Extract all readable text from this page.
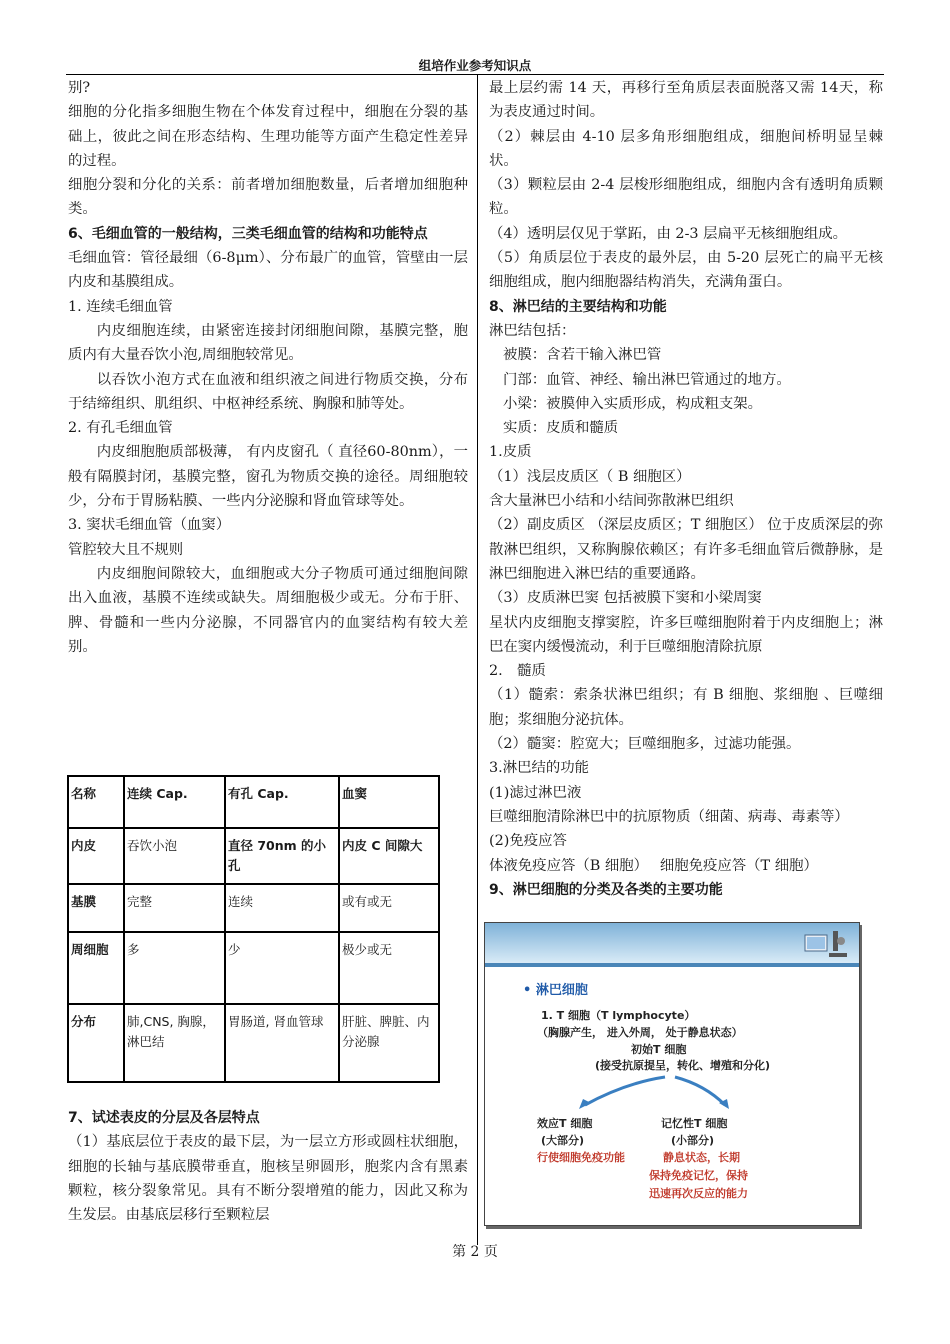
组培作业参考知识点

别?

细胞的分化指多细胞生物在个体发育过程中，细胞在分裂的基础上，彼此之间在形态结构、生理功能等方面产生稳定性差异的过程。

细胞分裂和分化的关系：前者增加细胞数量，后者增加细胞种类。

6、毛细血管的一般结构，三类毛细血管的结构和功能特点

毛细血管：管径最细（6-8μm）、分布最广的血管，管壁由一层内皮和基膜组成。

1. 连续毛细血管

内皮细胞连续，由紧密连接封闭细胞间隙，基膜完整，胞质内有大量吞饮小泡,周细胞较常见。

以吞饮小泡方式在血液和组织液之间进行物质交换，分布于结缔组织、肌组织、中枢神经系统、胸腺和肺等处。

2. 有孔毛细血管

内皮细胞胞质部极薄， 有内皮窗孔（ 直径60-80nm），一般有隔膜封闭，基膜完整，窗孔为物质交换的途径。周细胞较少，分布于胃肠粘膜、一些内分泌腺和肾血管球等处。

3. 窦状毛细血管（血窦）

管腔较大且不规则

内皮细胞间隙较大，血细胞或大分子物质可通过细胞间隙出入血液，基膜不连续或缺失。周细胞极少或无。分布于肝、脾、骨髓和一些内分泌腺，不同器官内的血窦结构有较大差别。

名称	连续 Cap.	有孔 Cap.	血窦
内皮	吞饮小泡	直径 70nm 的小孔	内皮 C 间隙大
基膜	完整	连续	或有或无
周细胞	多	少	极少或无
分布	肺,CNS, 胸腺，淋巴结	胃肠道, 肾血管球	肝脏、脾脏、内分泌腺

7、试述表皮的分层及各层特点

（1）基底层位于表皮的最下层，为一层立方形或圆柱状细胞，细胞的长轴与基底膜带垂直，胞核呈卵圆形，胞浆内含有黑素颗粒，核分裂象常见。具有不断分裂增殖的能力，因此又称为生发层。由基底层移行至颗粒层

最上层约需 14 天，再移行至角质层表面脱落又需 14天，称为表皮通过时间。

（2）棘层由 4-10 层多角形细胞组成，细胞间桥明显呈棘状。

（3）颗粒层由 2-4 层梭形细胞组成，细胞内含有透明角质颗粒。

（4）透明层仅见于掌跖，由 2-3 层扁平无核细胞组成。

（5）角质层位于表皮的最外层，由 5-20 层死亡的扁平无核细胞组成，胞内细胞器结构消失，充满角蛋白。

8、淋巴结的主要结构和功能

淋巴结包括：

被膜：含若干输入淋巴管

门部：血管、神经、输出淋巴管通过的地方。

小梁：被膜伸入实质形成，构成粗支架。

实质：皮质和髓质

1.皮质

（1）浅层皮质区（ B 细胞区）

含大量淋巴小结和小结间弥散淋巴组织

（2）副皮质区 （深层皮质区；T 细胞区） 位于皮质深层的弥散淋巴组织，又称胸腺依赖区；有许多毛细血管后微静脉，是淋巴细胞进入淋巴结的重要通路。

（3）皮质淋巴窦 包括被膜下窦和小梁周窦

星状内皮细胞支撑窦腔，许多巨噬细胞附着于内皮细胞上；淋巴在窦内缓慢流动，利于巨噬细胞清除抗原

2.　髓质

（1）髓索：索条状淋巴组织；有 B 细胞、浆细胞 、巨噬细胞；浆细胞分泌抗体。

（2）髓窦：腔宽大；巨噬细胞多，过滤功能强。

3.淋巴结的功能

(1)滤过淋巴液

巨噬细胞清除淋巴中的抗原物质（细菌、病毒、毒素等）

(2)免疫应答

体液免疫应答（B 细胞）　 细胞免疫应答（T 细胞）

9、淋巴细胞的分类及各类的主要功能

• 淋巴细胞
1. T 细胞（T lymphocyte）
（胸腺产生， 进入外周， 处于静息状态）
初始T 细胞
(接受抗原提呈，转化、增殖和分化)
效应T 细胞
(大部分)
行使细胞免疫功能
记忆性T 细胞
(小部分)
静息状态，长期
保持免疫记忆，保持
迅速再次反应的能力
第 2 页
